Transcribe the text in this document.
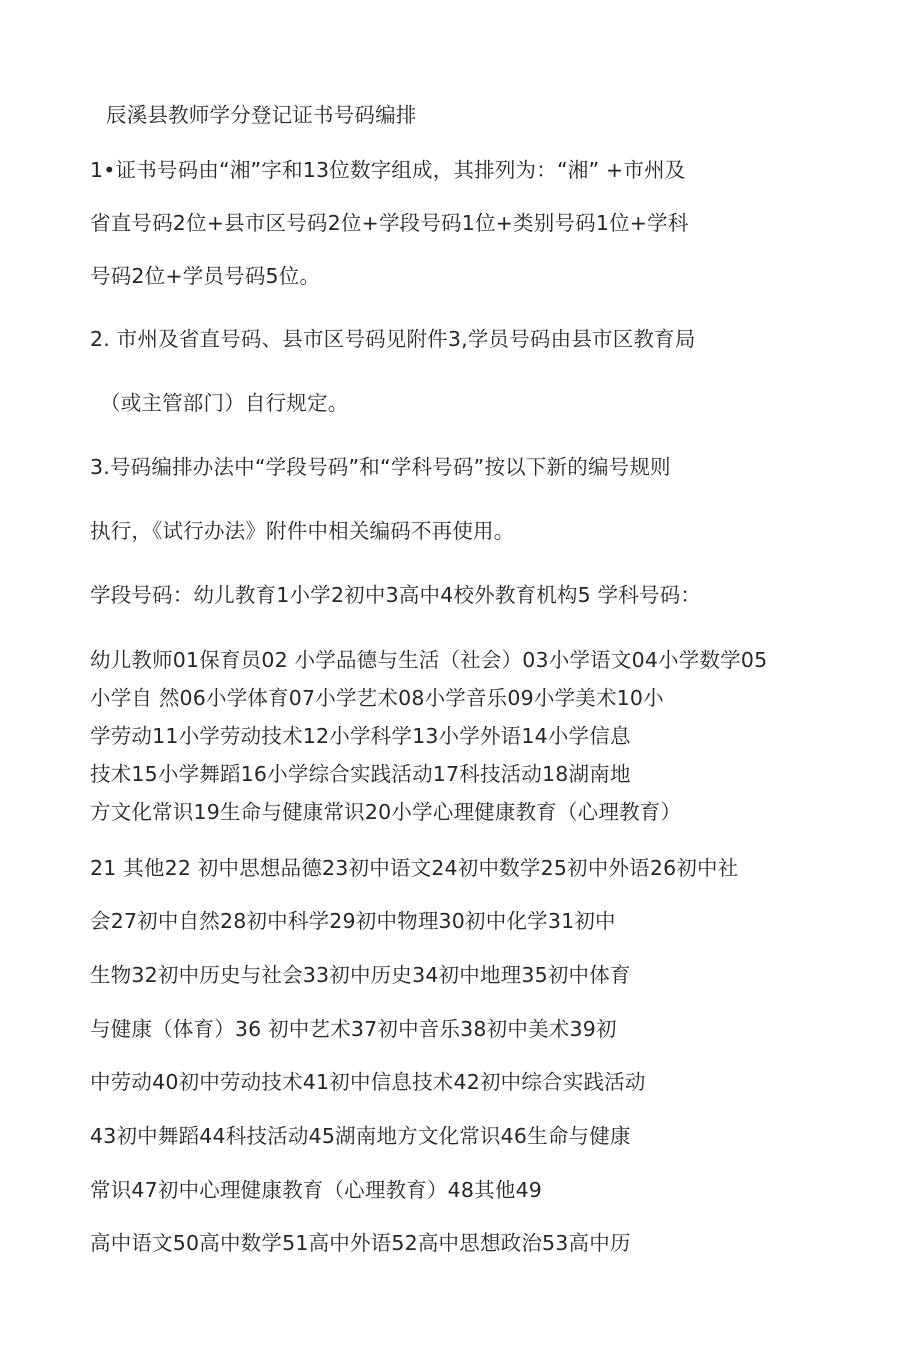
辰溪县教师学分登记证书号码编排
1•证书号码由“湘”字和13位数字组成，其排列为：“湘” +市州及
省直号码2位+县市区号码2位+学段号码1位+类别号码1位+学科
号码2位+学员号码5位。
2. 市州及省直号码、县市区号码见附件3,学员号码由县市区教育局
（或主管部门）自行规定。
3.号码编排办法中“学段号码”和“学科号码”按以下新的编号规则
执行，《试行办法》附件中相关编码不再使用。
学段号码：幼儿教育1小学2初中3高中4校外教育机构5 学科号码：
幼儿教师01保育员02 小学品德与生活（社会）03小学语文04小学数学05
小学自 然06小学体育07小学艺术08小学音乐09小学美术10小
学劳动11小学劳动技术12小学科学13小学外语14小学信息
技术15小学舞蹈16小学综合实践活动17科技活动18湖南地
方文化常识19生命与健康常识20小学心理健康教育（心理教育）
21 其他22 初中思想品德23初中语文24初中数学25初中外语26初中社
会27初中自然28初中科学29初中物理30初中化学31初中
生物32初中历史与社会33初中历史34初中地理35初中体育
与健康（体育）36 初中艺术37初中音乐38初中美术39初
中劳动40初中劳动技术41初中信息技术42初中综合实践活动
43初中舞蹈44科技活动45湖南地方文化常识46生命与健康
常识47初中心理健康教育（心理教育）48其他49
高中语文50高中数学51高中外语52高中思想政治53高中历
